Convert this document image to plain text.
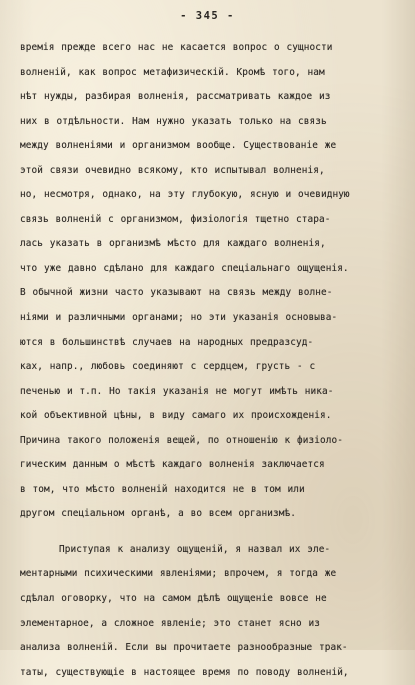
- 345 -
времія прежде всего нас не касается вопрос о сущности
волненій, как вопрос метафизическій. Кромѣ того, нам
нѣт нужды, разбирая волненія, рассматривать каждое из
них в отдѣльности. Нам нужно указать только на связь
между волненіями и организмом вообще. Существованіе же
этой связи очевидно всякому, кто испытывал волненія,
но, несмотря, однако, на эту глубокую, ясную и очевидную
связь волненій с организмом, физіологія тщетно стара-
лась указать в организмѣ мѣсто для каждаго волненія,
что уже давно сдѣлано для каждаго спеціальнаго ощущенія.
В обычной жизни часто указывают на связь между волне-
ніями и различными органами; но эти указанія основыва-
ются в большинствѣ случаев на народных предразсуд-
ках, напр., любовь соединяют с сердцем, грусть - с
печенью и т.п. Но такія указанія не могут имѣть ника-
кой объективной цѣны, в виду самаго их происхожденія.
Причина такого положенія вещей, по отношенію к физіоло-
гическим данным о мѣстѣ каждаго волненія заключается
в том, что мѣсто волненій находится не в том или
другом спеціальном органѣ, а во всем организмѣ.
Приступая к анализу ощущеній, я назвал их эле-
ментарными психическими явленіями; впрочем, я тогда же
сдѣлал оговорку, что на самом дѣлѣ ощущеніе вовсе не
элементарное, а сложное явленіе; это станет ясно из
анализа волненій. Если вы прочитаете разнообразные трак-
таты, существующіе в настоящее время по поводу волненій,
